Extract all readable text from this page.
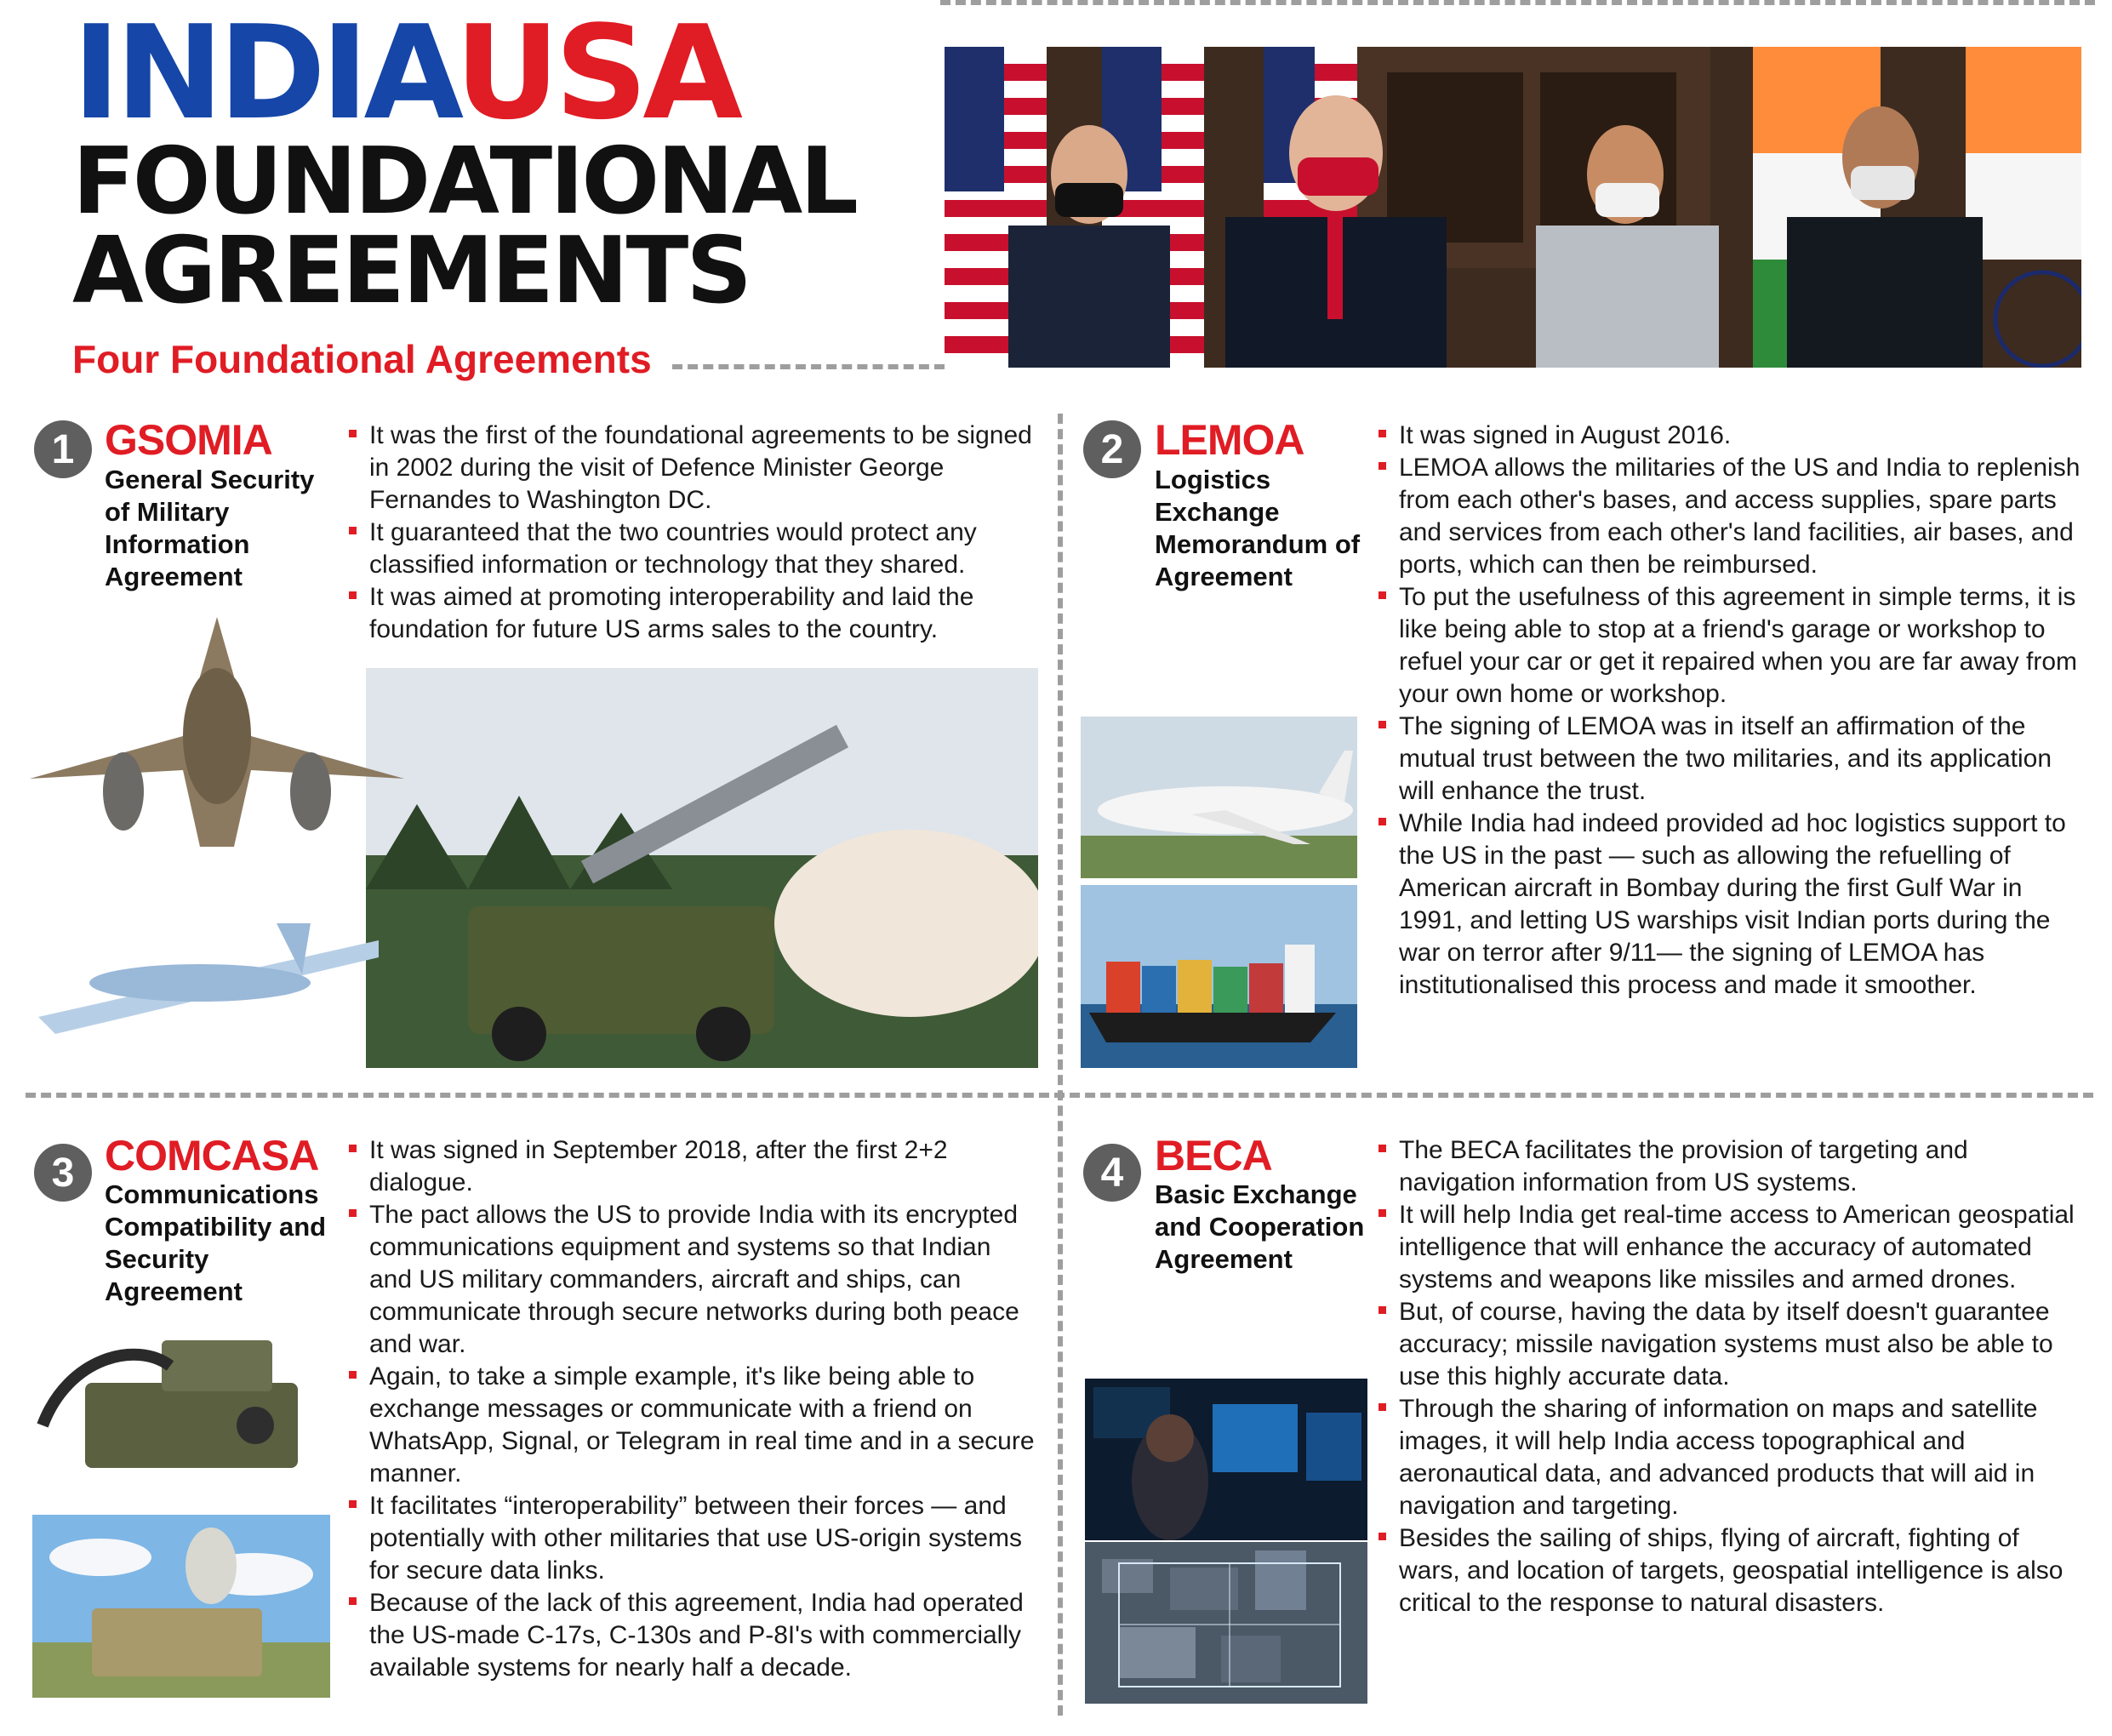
INDIAUSA
FOUNDATIONAL
AGREEMENTS
Four Foundational Agreements
1 GSOMIA
General Security of Military Information Agreement
It was the first of the foundational agreements to be signed in 2002 during the visit of Defence Minister George Fernandes to Washington DC.
It guaranteed that the two countries would protect any classified information or technology that they shared.
It was aimed at promoting interoperability and laid the foundation for future US arms sales to the country.
2 LEMOA
Logistics Exchange Memorandum of Agreement
It was signed in August 2016.
LEMOA allows the militaries of the US and India to replenish from each other's bases, and access supplies, spare parts and services from each other's land facilities, air bases, and ports, which can then be reimbursed.
To put the usefulness of this agreement in simple terms, it is like being able to stop at a friend's garage or workshop to refuel your car or get it repaired when you are far away from your own home or workshop.
The signing of LEMOA was in itself an affirmation of the mutual trust between the two militaries, and its application will enhance the trust.
While India had indeed provided ad hoc logistics support to the US in the past — such as allowing the refuelling of American aircraft in Bombay during the first Gulf War in 1991, and letting US warships visit Indian ports during the war on terror after 9/11— the signing of LEMOA has institutionalised this process and made it smoother.
3 COMCASA
Communications Compatibility and Security Agreement
It was signed in September 2018, after the first 2+2 dialogue.
The pact allows the US to provide India with its encrypted communications equipment and systems so that Indian and US military commanders, aircraft and ships, can communicate through secure networks during both peace and war.
Again, to take a simple example, it's like being able to exchange messages or communicate with a friend on WhatsApp, Signal, or Telegram in real time and in a secure manner.
It facilitates “interoperability” between their forces — and potentially with other militaries that use US-origin systems for secure data links.
Because of the lack of this agreement, India had operated the US-made C-17s, C-130s and P-8I's with commercially available systems for nearly half a decade.
4 BECA
Basic Exchange and Cooperation Agreement
The BECA facilitates the provision of targeting and navigation information from US systems.
It will help India get real-time access to American geospatial intelligence that will enhance the accuracy of automated systems and weapons like missiles and armed drones.
But, of course, having the data by itself doesn't guarantee accuracy; missile navigation systems must also be able to use this highly accurate data.
Through the sharing of information on maps and satellite images, it will help India access topographical and aeronautical data, and advanced products that will aid in navigation and targeting.
Besides the sailing of ships, flying of aircraft, fighting of wars, and location of targets, geospatial intelligence is also critical to the response to natural disasters.
